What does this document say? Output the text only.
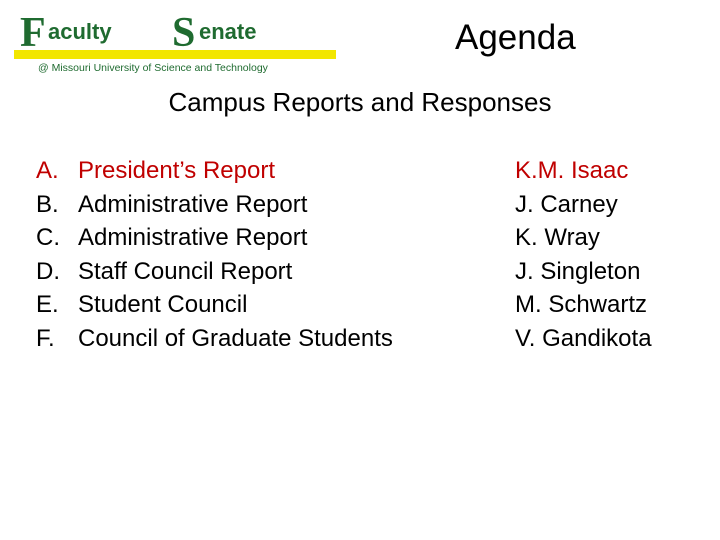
F aculty S enate
@ Missouri University of Science and Technology
Agenda
Campus Reports and Responses
A. President’s Report	K.M. Isaac
B. Administrative Report	J. Carney
C. Administrative Report	K. Wray
D. Staff Council Report	J. Singleton
E. Student Council	M. Schwartz
F. Council of Graduate Students	V. Gandikota
